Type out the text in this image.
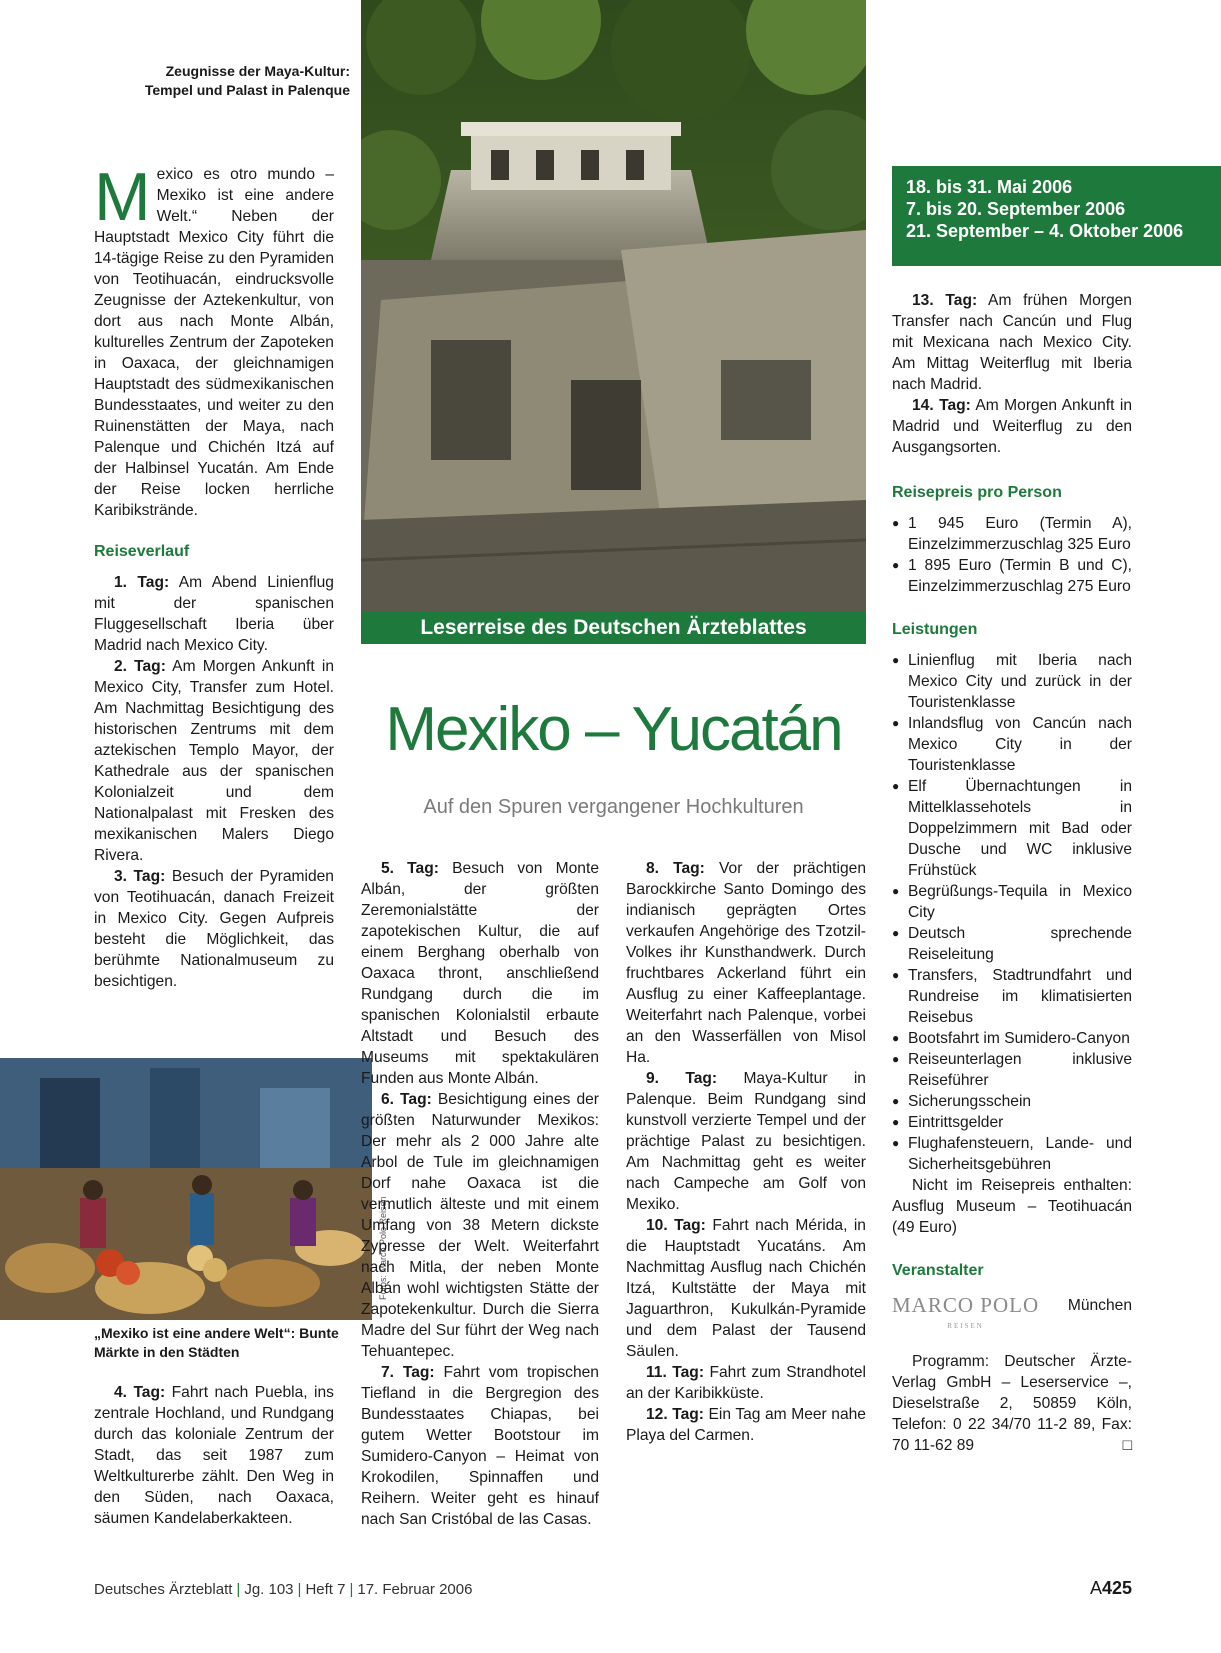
Zeugnisse der Maya-Kultur:
Tempel und Palast in Palenque
Leserreise des Deutschen Ärzteblattes
Mexiko – Yucatán
Auf den Spuren vergangener Hochkulturen

Mexico es otro mundo – Mexiko ist eine andere Welt.“ Neben der Hauptstadt Mexico City führt die 14-tägige Reise zu den Pyramiden von Teotihuacán, eindrucksvolle Zeugnisse der Aztekenkultur, von dort aus nach Monte Albán, kulturelles Zentrum der Zapoteken in Oaxaca, der gleichnamigen Hauptstadt des südmexikanischen Bundesstaates, und weiter zu den Ruinenstätten der Maya, nach Palenque und Chichén Itzá auf der Halbinsel Yucatán. Am Ende der Reise locken herrliche Karibikstrände.

Reiseverlauf

1. Tag: Am Abend Linienflug mit der spanischen Fluggesellschaft Iberia über Madrid nach Mexico City.

2. Tag: Am Morgen Ankunft in Mexico City, Transfer zum Hotel. Am Nachmittag Besichtigung des historischen Zentrums mit dem aztekischen Templo Mayor, der Kathedrale aus der spanischen Kolonialzeit und dem Nationalpalast mit Fresken des mexikanischen Malers Diego Rivera.

3. Tag: Besuch der Pyramiden von Teotihuacán, danach Freizeit in Mexico City. Gegen Aufpreis besteht die Möglichkeit, das berühmte Nationalmuseum zu besichtigen.

Fotos: Marco Polo Reisen
„Mexiko ist eine andere Welt“: Bunte
Märkte in den Städten

4. Tag: Fahrt nach Puebla, ins zentrale Hochland, und Rundgang durch das koloniale Zentrum der Stadt, das seit 1987 zum Weltkulturerbe zählt. Den Weg in den Süden, nach Oaxaca, säumen Kandelaberkakteen.

5. Tag: Besuch von Monte Albán, der größten Zeremonialstätte der zapotekischen Kultur, die auf einem Berghang oberhalb von Oaxaca thront, anschließend Rundgang durch die im spanischen Kolonialstil erbaute Altstadt und Besuch des Museums mit spektakulären Funden aus Monte Albán.

6. Tag: Besichtigung eines der größten Naturwunder Mexikos: Der mehr als 2 000 Jahre alte Arbol de Tule im gleichnamigen Dorf nahe Oaxaca ist die vermutlich älteste und mit einem Umfang von 38 Metern dickste Zypresse der Welt. Weiterfahrt nach Mitla, der neben Monte Albán wohl wichtigsten Stätte der Zapotekenkultur. Durch die Sierra Madre del Sur führt der Weg nach Tehuantepec.

7. Tag: Fahrt vom tropischen Tiefland in die Bergregion des Bundesstaates Chiapas, bei gutem Wetter Bootstour im Sumidero-Canyon – Heimat von Krokodilen, Spinnaffen und Reihern. Weiter geht es hinauf nach San Cristóbal de las Casas.

8. Tag: Vor der prächtigen Barockkirche Santo Domingo des indianisch geprägten Ortes verkaufen Angehörige des Tzotzil-Volkes ihr Kunsthandwerk. Durch fruchtbares Ackerland führt ein Ausflug zu einer Kaffeeplantage. Weiterfahrt nach Palenque, vorbei an den Wasserfällen von Misol Ha.

9. Tag: Maya-Kultur in Palenque. Beim Rundgang sind kunstvoll verzierte Tempel und der prächtige Palast zu besichtigen. Am Nachmittag geht es weiter nach Campeche am Golf von Mexiko.

10. Tag: Fahrt nach Mérida, in die Hauptstadt Yucatáns. Am Nachmittag Ausflug nach Chichén Itzá, Kultstätte der Maya mit Jaguarthron, Kukulkán-Pyramide und dem Palast der Tausend Säulen.

11. Tag: Fahrt zum Strandhotel an der Karibikküste.

12. Tag: Ein Tag am Meer nahe Playa del Carmen.

18. bis 31. Mai 2006
7. bis 20. September 2006
21. September – 4. Oktober 2006

13. Tag: Am frühen Morgen Transfer nach Cancún und Flug mit Mexicana nach Mexico City. Am Mittag Weiterflug mit Iberia nach Madrid.

14. Tag: Am Morgen Ankunft in Madrid und Weiterflug zu den Ausgangsorten.

Reisepreis pro Person
● 1 945 Euro (Termin A), Einzelzimmerzuschlag 325 Euro
● 1 895 Euro (Termin B und C), Einzelzimmerzuschlag 275 Euro
Leistungen
● Linienflug mit Iberia nach Mexico City und zurück in der Touristenklasse
● Inlandsflug von Cancún nach Mexico City in der Touristenklasse
● Elf Übernachtungen in Mittelklassehotels in Doppelzimmern mit Bad oder Dusche und WC inklusive Frühstück
● Begrüßungs-Tequila in Mexico City
● Deutsch sprechende Reiseleitung
● Transfers, Stadtrundfahrt und Rundreise im klimatisierten Reisebus
● Bootsfahrt im Sumidero-Canyon
● Reiseunterlagen inklusive Reiseführer
● Sicherungsschein
● Eintrittsgelder
● Flughafensteuern, Lande- und Sicherheitsgebühren

Nicht im Reisepreis enthalten: Ausflug Museum – Teotihuacán (49 Euro)

Veranstalter
MARCO POLO
REISEN
München

Programm: Deutscher Ärzte-Verlag GmbH – Leserservice –, Dieselstraße 2, 50859 Köln, Telefon: 0 22 34/70 11-2 89, Fax: 70 11-62 89	□

Deutsches Ärzteblatt | Jg. 103 | Heft 7 | 17. Februar 2006	A425
